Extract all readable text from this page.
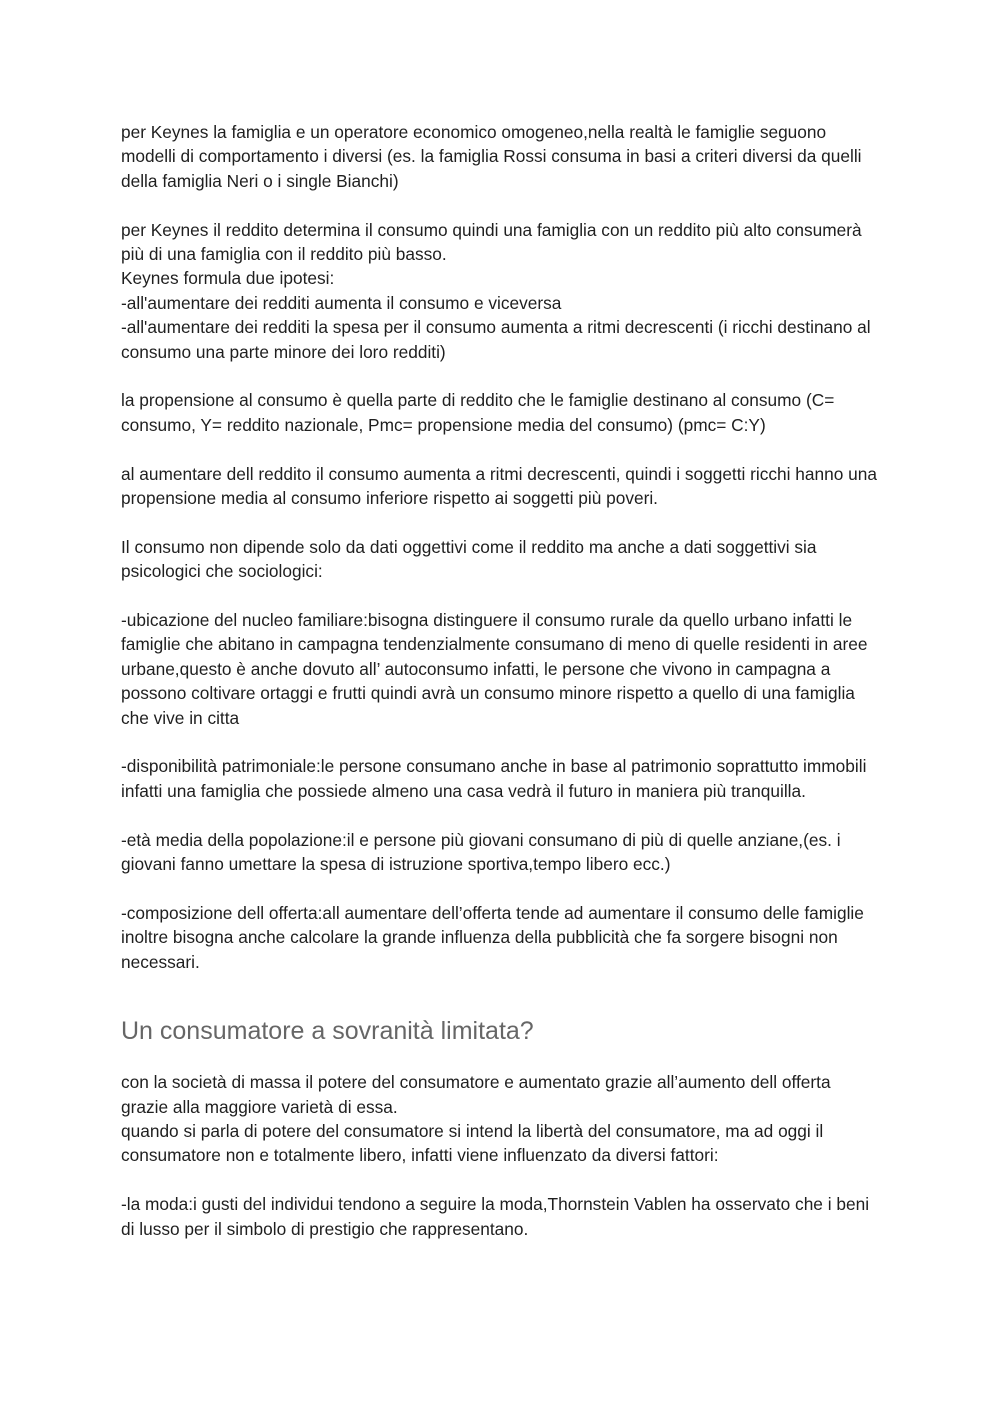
per Keynes la famiglia e un operatore economico omogeneo,nella realtà le famiglie seguono modelli di comportamento i diversi (es. la famiglia Rossi consuma in basi a criteri diversi da quelli della famiglia Neri o i single Bianchi)

per Keynes il reddito determina il consumo quindi una famiglia con un reddito più alto consumerà più di una famiglia con il reddito più basso.
Keynes formula due ipotesi:
-all'aumentare dei redditi aumenta il consumo e viceversa
-all'aumentare dei redditi la spesa per il consumo aumenta a ritmi decrescenti (i ricchi destinano al consumo una parte minore dei loro redditi)

la propensione al consumo è quella parte di reddito che le famiglie destinano al consumo (C= consumo, Y= reddito nazionale, Pmc= propensione media del consumo) (pmc= C:Y)

al aumentare dell reddito il consumo aumenta a ritmi decrescenti, quindi i soggetti ricchi hanno una propensione media al consumo inferiore rispetto ai soggetti più poveri.

Il consumo non dipende solo da dati oggettivi come il reddito ma anche a dati soggettivi sia psicologici che sociologici:

-ubicazione del nucleo familiare:bisogna distinguere il consumo rurale da quello urbano infatti le famiglie che abitano in campagna tendenzialmente consumano di meno di quelle residenti in aree urbane,questo è anche dovuto all’ autoconsumo infatti, le persone che vivono in campagna a possono coltivare ortaggi e frutti quindi avrà un consumo minore rispetto a quello di una famiglia che vive in citta

-disponibilità patrimoniale:le persone consumano anche in base al patrimonio soprattutto immobili infatti una famiglia che possiede almeno una casa vedrà il futuro in maniera più tranquilla.

-età media della popolazione:il e persone più giovani consumano di più di quelle anziane,(es. i giovani fanno umettare la spesa di istruzione sportiva,tempo libero ecc.)

-composizione dell offerta:all aumentare dell’offerta tende ad aumentare il consumo delle famiglie inoltre bisogna anche calcolare la grande influenza della pubblicità che fa sorgere bisogni non necessari.

Un consumatore a sovranità limitata?

con la società di massa il potere del consumatore e aumentato grazie all’aumento dell offerta grazie alla maggiore varietà di essa.
quando si parla di potere del consumatore si intend la libertà del consumatore, ma ad oggi il consumatore non e totalmente libero, infatti viene influenzato da diversi fattori:

-la moda:i gusti del individui tendono a seguire la moda,Thornstein Vablen ha osservato che i beni di lusso per il simbolo di prestigio che rappresentano.
